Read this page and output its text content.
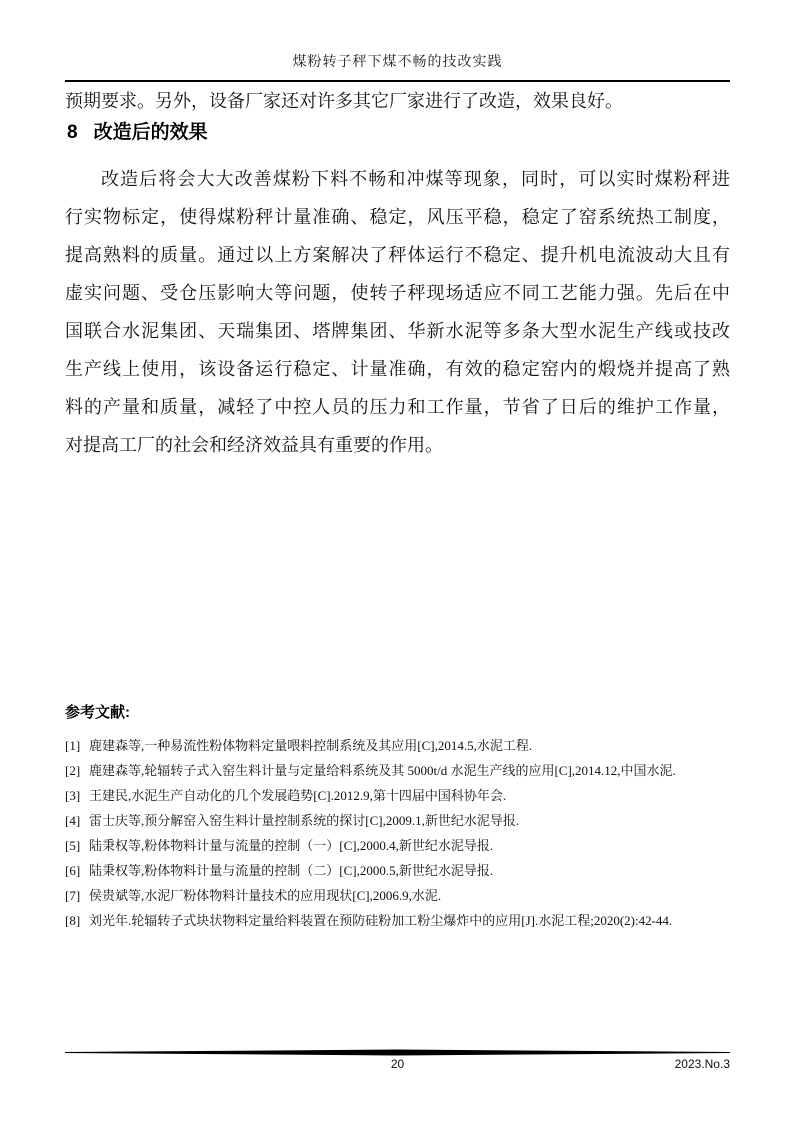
煤粉转子秤下煤不畅的技改实践
预期要求。另外，设备厂家还对许多其它厂家进行了改造，效果良好。
8 改造后的效果
改造后将会大大改善煤粉下料不畅和冲煤等现象，同时，可以实时煤粉秤进
行实物标定，使得煤粉秤计量准确、稳定，风压平稳，稳定了窑系统热工制度，
提高熟料的质量。通过以上方案解决了秤体运行不稳定、提升机电流波动大且有
虚实问题、受仓压影响大等问题，使转子秤现场适应不同工艺能力强。先后在中
国联合水泥集团、天瑞集团、塔牌集团、华新水泥等多条大型水泥生产线或技改
生产线上使用，该设备运行稳定、计量准确，有效的稳定窑内的煅烧并提高了熟
料的产量和质量，减轻了中控人员的压力和工作量，节省了日后的维护工作量，
对提高工厂的社会和经济效益具有重要的作用。
参考文献:
[1] 鹿建森等,一种易流性粉体物料定量喂料控制系统及其应用[C],2014.5,水泥工程.
[2] 鹿建森等,轮辐转子式入窑生料计量与定量给料系统及其 5000t/d 水泥生产线的应用[C],2014.12,中国水泥.
[3] 王建民,水泥生产自动化的几个发展趋势[C].2012.9,第十四届中国科协年会.
[4] 雷士庆等,预分解窑入窑生料计量控制系统的探讨[C],2009.1,新世纪水泥导报.
[5] 陆秉权等,粉体物料计量与流量的控制（一）[C],2000.4,新世纪水泥导报.
[6] 陆秉权等,粉体物料计量与流量的控制（二）[C],2000.5,新世纪水泥导报.
[7] 侯贵斌等,水泥厂粉体物料计量技术的应用现状[C],2006.9,水泥.
[8] 刘光年.轮辐转子式块状物料定量给料装置在预防硅粉加工粉尘爆炸中的应用[J].水泥工程;2020(2):42-44.
20	2023.No.3
